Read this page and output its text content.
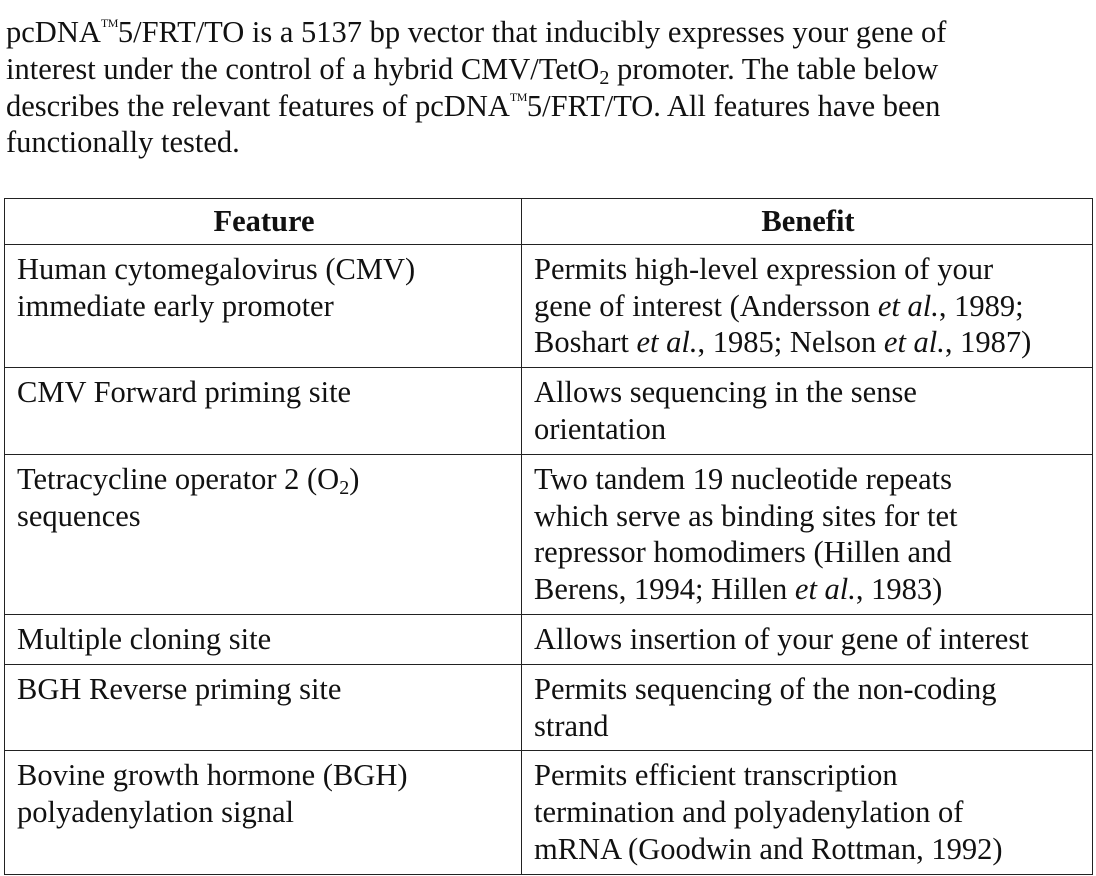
pcDNA™5/FRT/TO is a 5137 bp vector that inducibly expresses your gene of
interest under the control of a hybrid CMV/TetO$_2$ promoter. The table below
describes the relevant features of pcDNA™5/FRT/TO. All features have been
functionally tested.
Feature	Benefit

Human cytomegalovirus (CMV)
immediate early promoter	Permits high-level expression of your
gene of interest (Andersson et al., 1989;
Boshart et al., 1985; Nelson et al., 1987)

CMV Forward priming site	Allows sequencing in the sense
orientation

Tetracycline operator 2 $(O_2)$
sequences	Two tandem 19 nucleotide repeats
which serve as binding sites for tet
repressor homodimers (Hillen and
Berens, 1994; Hillen et al., 1983)

Multiple cloning site	Allows insertion of your gene of interest

BGH Reverse priming site	Permits sequencing of the non-coding
strand

Bovine growth hormone (BGH)
polyadenylation signal	Permits efficient transcription
termination and polyadenylation of
mRNA (Goodwin and Rottman, 1992)
